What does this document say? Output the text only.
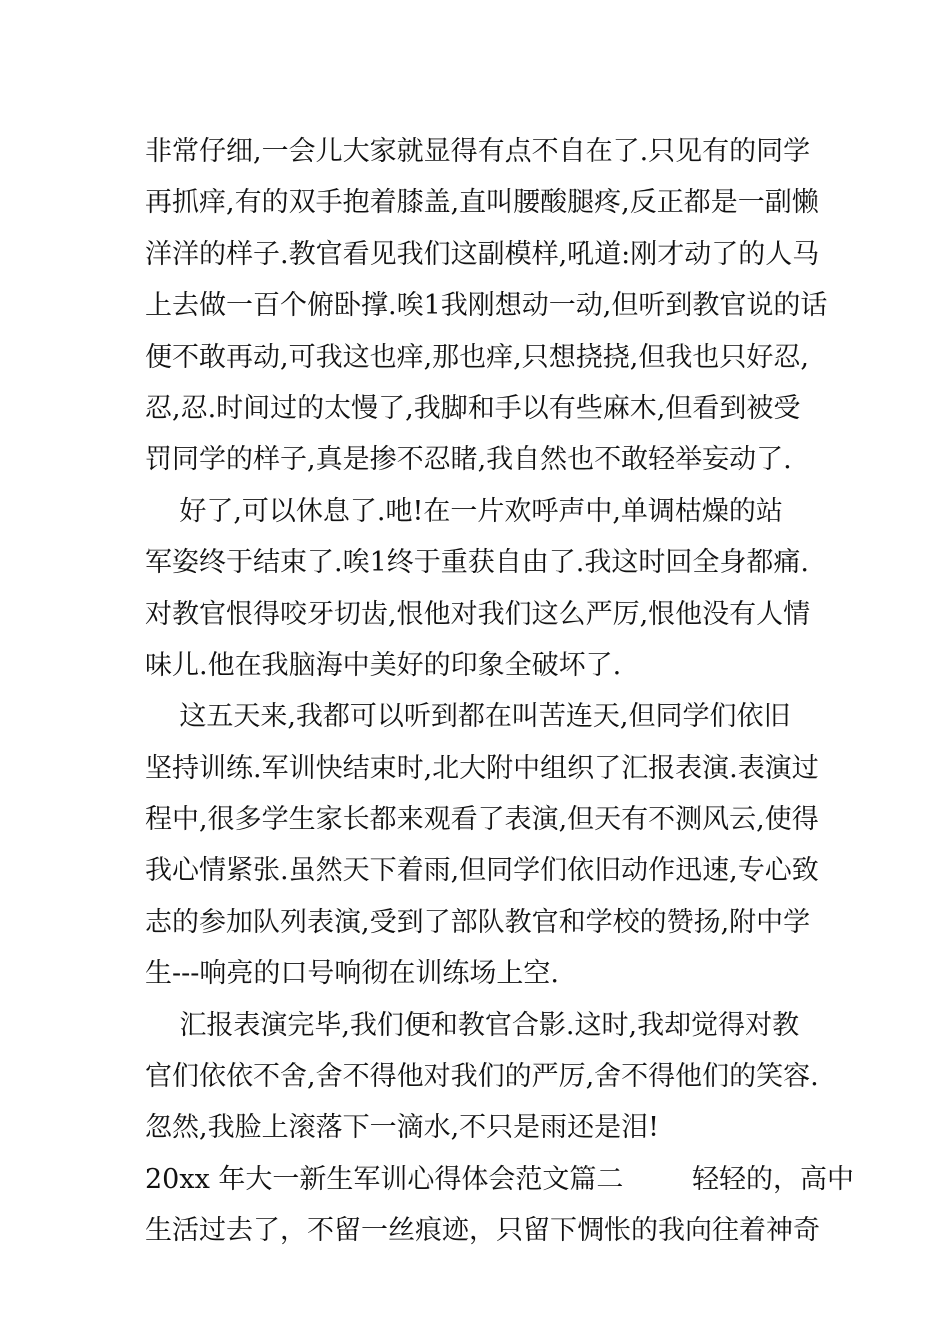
非常仔细,一会儿大家就显得有点不自在了.只见有的同学
再抓痒,有的双手抱着膝盖,直叫腰酸腿疼,反正都是一副懒
洋洋的样子.教官看见我们这副模样,吼道:刚才动了的人马
上去做一百个俯卧撑.唉1我刚想动一动,但听到教官说的话
便不敢再动,可我这也痒,那也痒,只想挠挠,但我也只好忍,
忍,忍.时间过的太慢了,我脚和手以有些麻木,但看到被受
罚同学的样子,真是掺不忍睹,我自然也不敢轻举妄动了.
好了,可以休息了.吔!在一片欢呼声中,单调枯燥的站
军姿终于结束了.唉1终于重获自由了.我这时回全身都痛.
对教官恨得咬牙切齿,恨他对我们这么严厉,恨他没有人情
味儿.他在我脑海中美好的印象全破坏了.
这五天来,我都可以听到都在叫苦连天,但同学们依旧
坚持训练.军训快结束时,北大附中组织了汇报表演.表演过
程中,很多学生家长都来观看了表演,但天有不测风云,使得
我心情紧张.虽然天下着雨,但同学们依旧动作迅速,专心致
志的参加队列表演,受到了部队教官和学校的赞扬,附中学
生---响亮的口号响彻在训练场上空.
汇报表演完毕,我们便和教官合影.这时,我却觉得对教
官们依依不舍,舍不得他对我们的严厉,舍不得他们的笑容.
忽然,我脸上滚落下一滴水,不只是雨还是泪!
20xx 年大一新生军训心得体会范文篇二        轻轻的，高中
生活过去了，不留一丝痕迹，只留下惆怅的我向往着神奇
